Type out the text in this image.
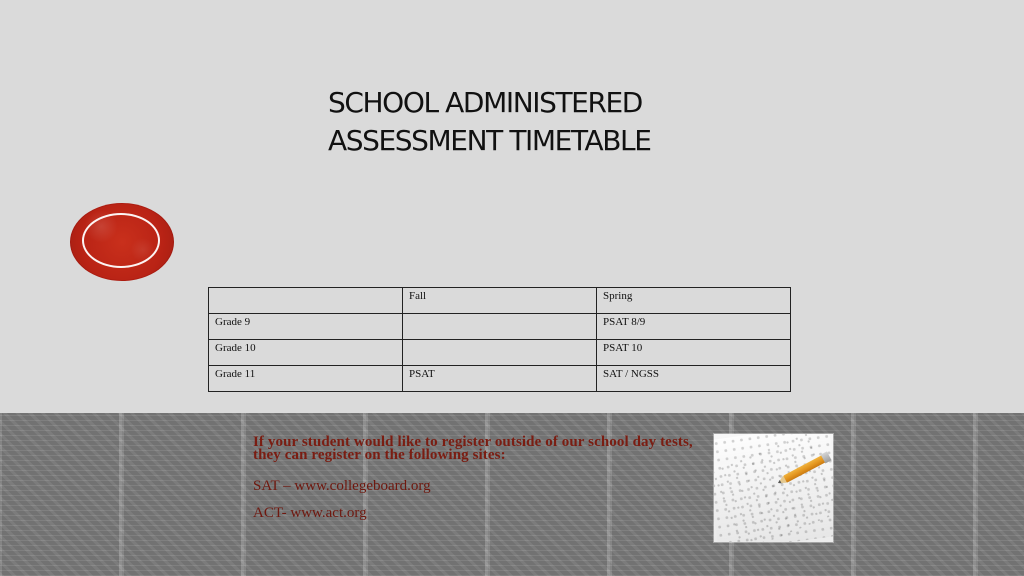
SCHOOL ADMINISTERED
ASSESSMENT TIMETABLE
	Fall	Spring
Grade 9		PSAT 8/9
Grade 10		PSAT 10
Grade 11	PSAT	SAT / NGSS

If your student would like to register outside of our school day tests,
they can register on the following sites:

SAT – www.collegeboard.org

ACT- www.act.org
